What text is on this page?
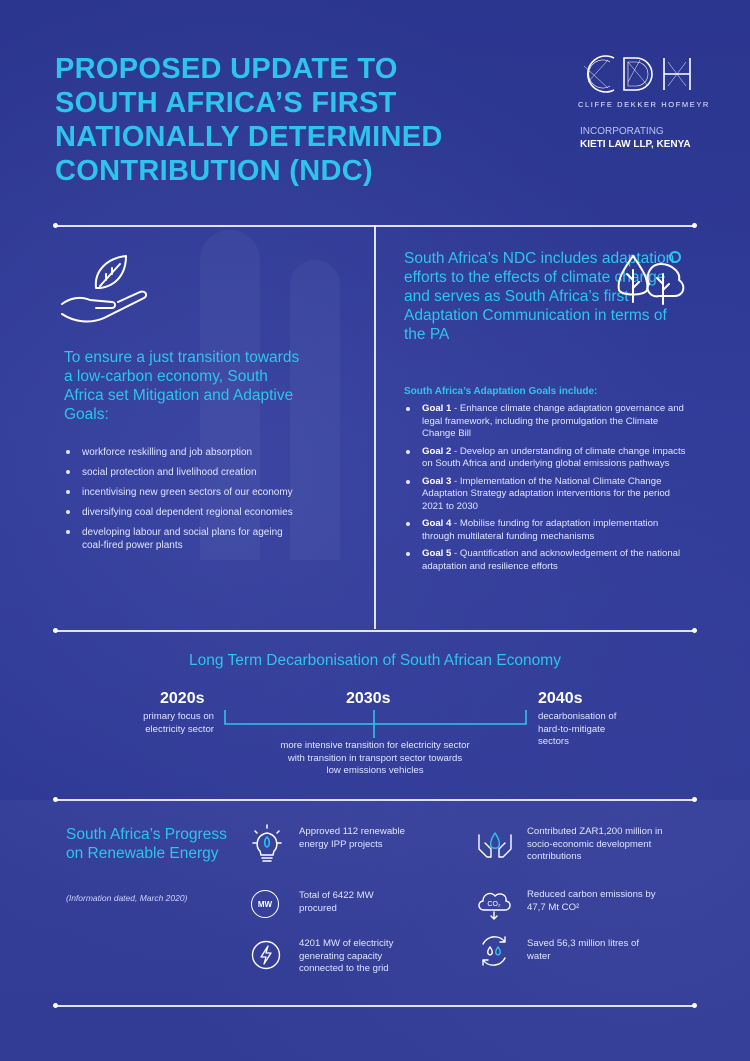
PROPOSED UPDATE TO SOUTH AFRICA’S FIRST NATIONALLY DETERMINED CONTRIBUTION (NDC)
CLIFFE DEKKER HOFMEYR
INCORPORATING
KIETI LAW LLP, KENYA
To ensure a just transition towards a low-carbon economy, South Africa set Mitigation and Adaptive Goals:
workforce reskilling and job absorption
social protection and livelihood creation
incentivising new green sectors of our economy
diversifying coal dependent regional economies
developing labour and social plans for ageing coal-fired power plants
South Africa’s NDC includes adaptation efforts to the effects of climate change and serves as South Africa’s first Adaptation Communication in terms of the PA
South Africa’s Adaptation Goals include:
Goal 1 - Enhance climate change adaptation governance and legal framework, including the promulgation the Climate Change Bill
Goal 2 - Develop an understanding of climate change impacts on South Africa and underlying global emissions pathways
Goal 3 - Implementation of the National Climate Change Adaptation Strategy adaptation interventions for the period 2021 to 2030
Goal 4 - Mobilise funding for adaptation implementation through multilateral funding mechanisms
Goal 5 - Quantification and acknowledgement of the national adaptation and resilience efforts
Long Term Decarbonisation of South African Economy
2020s
primary focus on electricity sector
2030s
more intensive transition for electricity sector with transition in transport sector towards low emissions vehicles
2040s
decarbonisation of hard-to-mitigate sectors
South Africa’s Progress on Renewable Energy
(Information dated, March 2020)
Approved 112 renewable energy IPP projects
MW
Total of 6422 MW procured
4201 MW of electricity generating capacity connected to the grid
Contributed ZAR1,200 million in socio-economic development contributions
CO₂
Reduced carbon emissions by 47,7 Mt CO²
Saved 56,3 million litres of water
